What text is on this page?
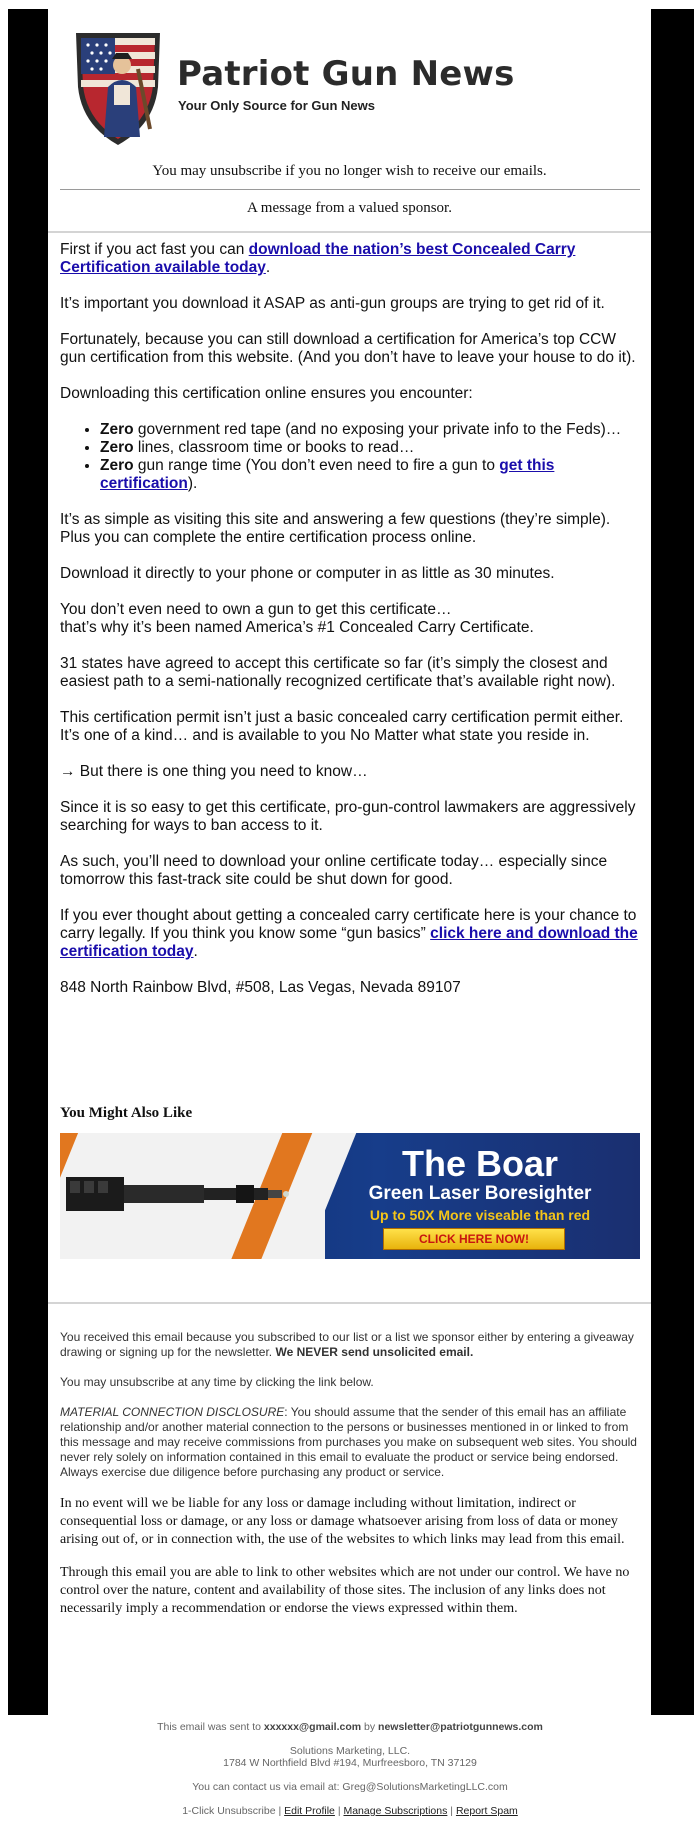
Patriot Gun News
Your Only Source for Gun News
You may unsubscribe if you no longer wish to receive our emails.
A message from a valued sponsor.

First if you act fast you can download the nation’s best Concealed Carry Certification available today.

It’s important you download it ASAP as anti-gun groups are trying to get rid of it.

Fortunately, because you can still download a certification for America’s top CCW gun certification from this website. (And you don’t have to leave your house to do it).

Downloading this certification online ensures you encounter:

• Zero government red tape (and no exposing your private info to the Feds)…
• Zero lines, classroom time or books to read…
• Zero gun range time (You don’t even need to fire a gun to get this certification).

It’s as simple as visiting this site and answering a few questions (they’re simple). Plus you can complete the entire certification process online.

Download it directly to your phone or computer in as little as 30 minutes.

You don’t even need to own a gun to get this certificate…
that’s why it’s been named America’s #1 Concealed Carry Certificate.

31 states have agreed to accept this certificate so far (it’s simply the closest and easiest path to a semi-nationally recognized certificate that’s available right now).

This certification permit isn’t just a basic concealed carry certification permit either. It’s one of a kind… and is available to you No Matter what state you reside in.

→ But there is one thing you need to know…

Since it is so easy to get this certificate, pro-gun-control lawmakers are aggressively searching for ways to ban access to it.

As such, you’ll need to download your online certificate today… especially since tomorrow this fast-track site could be shut down for good.

If you ever thought about getting a concealed carry certificate here is your chance to carry legally. If you think you know some “gun basics” click here and download the certification today.

848 North Rainbow Blvd, #508, Las Vegas, Nevada 89107

You Might Also Like
The Boar
Green Laser Boresighter
Up to 50X More viseable than red
CLICK HERE NOW!

You received this email because you subscribed to our list or a list we sponsor either by entering a giveaway drawing or signing up for the newsletter. We NEVER send unsolicited email.

You may unsubscribe at any time by clicking the link below.

MATERIAL CONNECTION DISCLOSURE: You should assume that the sender of this email has an affiliate relationship and/or another material connection to the persons or businesses mentioned in or linked to from this message and may receive commissions from purchases you make on subsequent web sites. You should never rely solely on information contained in this email to evaluate the product or service being endorsed. Always exercise due diligence before purchasing any product or service.

In no event will we be liable for any loss or damage including without limitation, indirect or consequential loss or damage, or any loss or damage whatsoever arising from loss of data or money arising out of, or in connection with, the use of the websites to which links may lead from this email.

Through this email you are able to link to other websites which are not under our control. We have no control over the nature, content and availability of those sites. The inclusion of any links does not necessarily imply a recommendation or endorse the views expressed within them.

This email was sent to xxxxxx@gmail.com by newsletter@patriotgunnews.com
Solutions Marketing, LLC.
1784 W Northfield Blvd #194, Murfreesboro, TN 37129
You can contact us via email at: Greg@SolutionsMarketingLLC.com
1-Click Unsubscribe | Edit Profile | Manage Subscriptions | Report Spam
